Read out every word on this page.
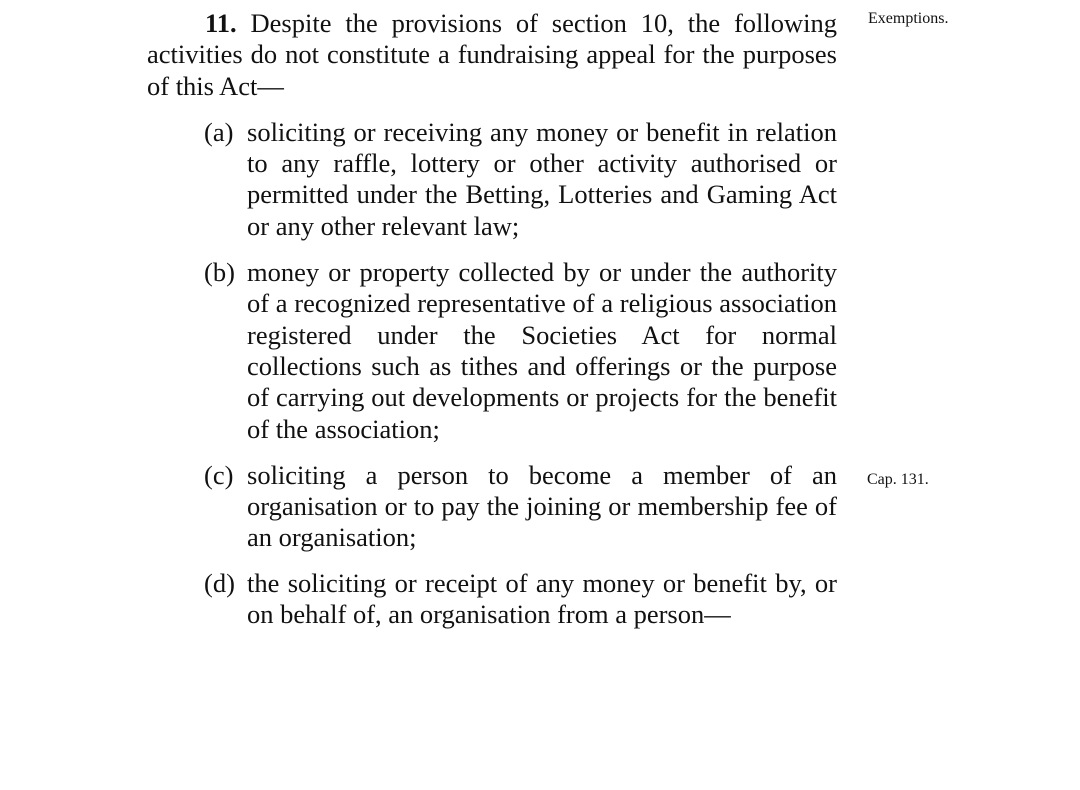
11. Despite the provisions of section 10, the following activities do not constitute a fundraising appeal for the purposes of this Act—

(a) soliciting or receiving any money or benefit in relation to any raffle, lottery or other activity authorised or permitted under the Betting, Lotteries and Gaming Act or any other relevant law;

(b) money or property collected by or under the authority of a recognized representative of a religious association registered under the Societies Act for normal collections such as tithes and offerings or the purpose of carrying out developments or projects for the benefit of the association;

(c) soliciting a person to become a member of an organisation or to pay the joining or membership fee of an organisation;

(d) the soliciting or receipt of any money or benefit by, or on behalf of, an organisation from a person—

Exemptions.
Cap. 131.
